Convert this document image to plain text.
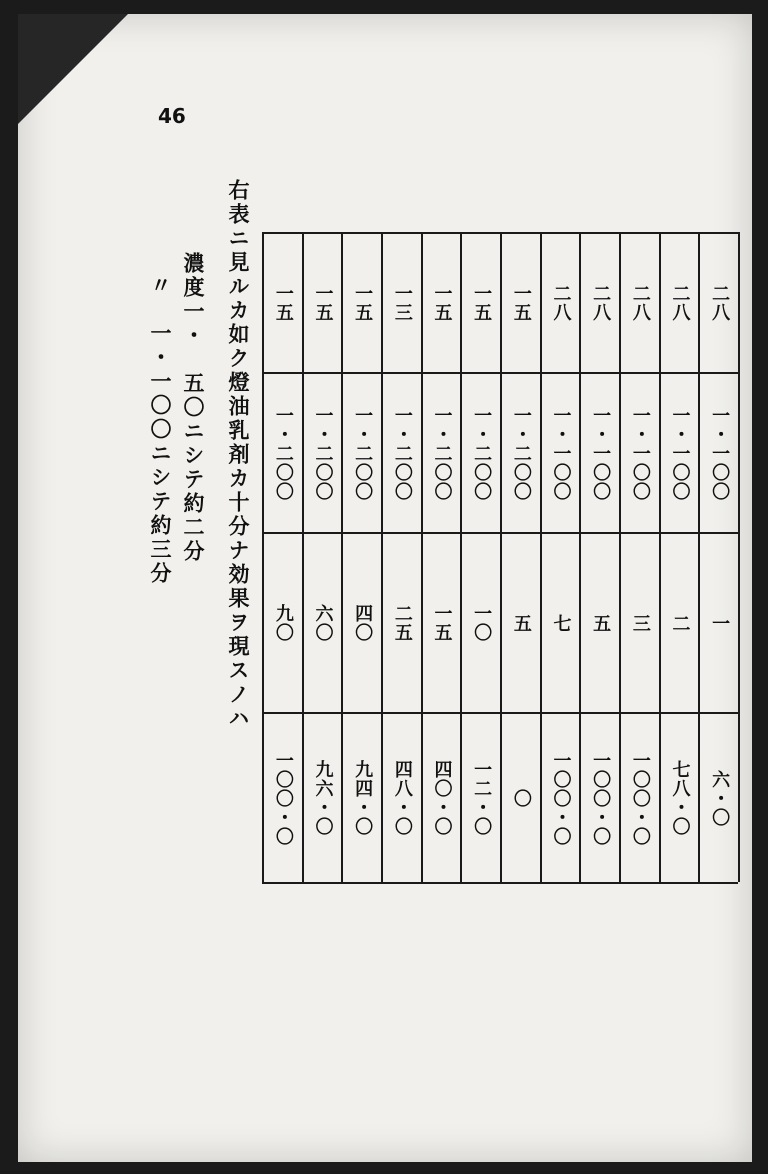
46
右表ニ見ルカ如ク燈油乳剤カ十分ナ効果ヲ現スノハ
濃度一・　五〇ニシテ約二分
〃　一・一〇〇ニシテ約三分	一五
一・二〇〇
九〇
一〇〇・〇
一五
一・二〇〇
六〇
九六・〇
一五
一・二〇〇
四〇
九四・〇
一三
一・二〇〇
二五
四八・〇
一五
一・二〇〇
一五
四〇・〇
一五
一・二〇〇
一〇
一二・〇
一五
一・二〇〇
五
〇
二八
一・一〇〇
七
一〇〇・〇
二八
一・一〇〇
五
一〇〇・〇
二八
一・一〇〇
三
一〇〇・〇
二八
一・一〇〇
二
七八・〇
二八
一・一〇〇
一
六・〇
